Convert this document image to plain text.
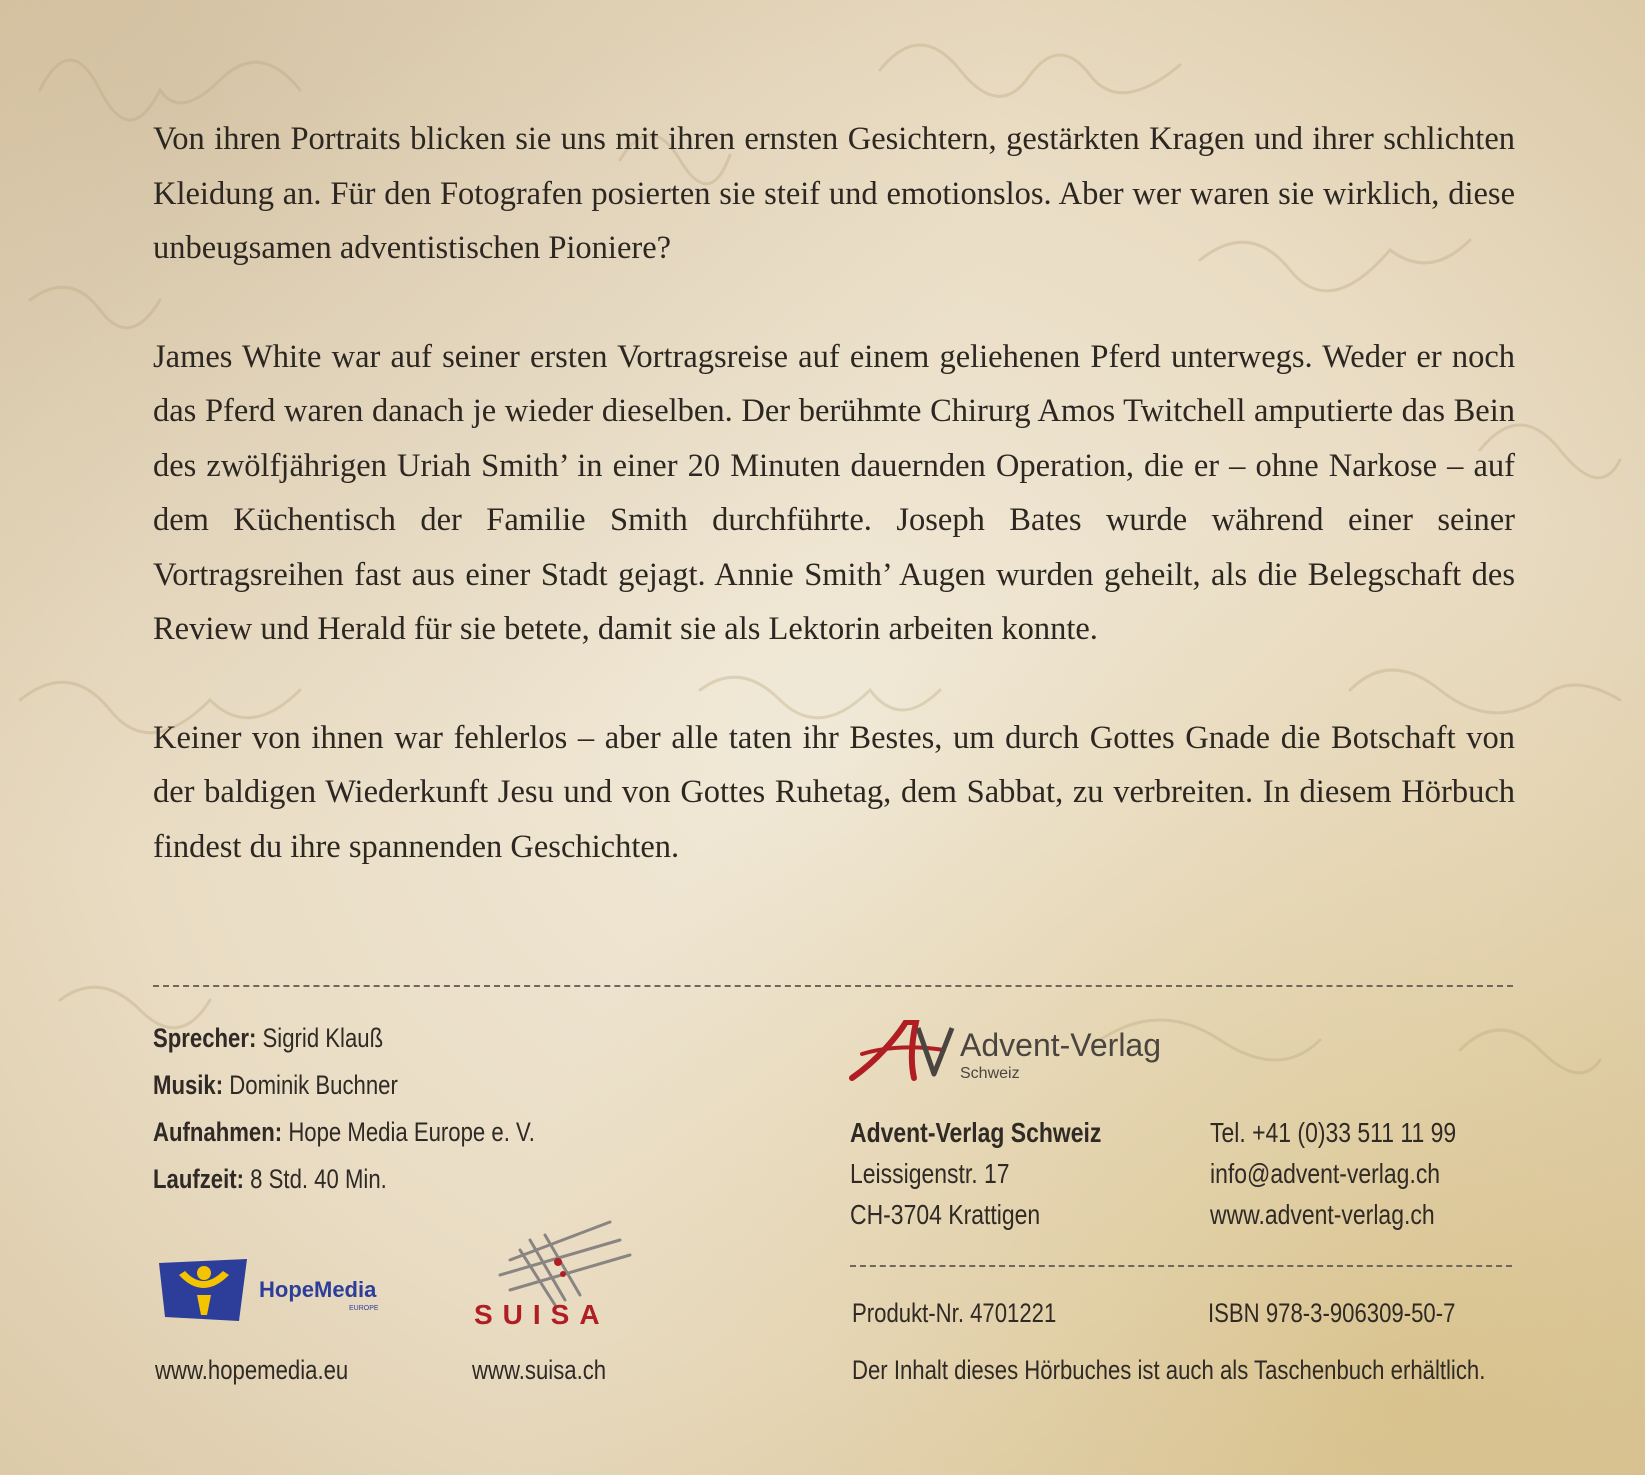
Von ihren Portraits blicken sie uns mit ihren ernsten Gesichtern, gestärkten Kragen und ihrer schlichten Kleidung an. Für den Fotografen posierten sie steif und emotionslos. Aber wer waren sie wirklich, diese unbeugsamen adventistischen Pioniere?

James White war auf seiner ersten Vortragsreise auf einem geliehenen Pferd unterwegs. Weder er noch das Pferd waren danach je wieder dieselben. Der berühmte Chirurg Amos Twitchell amputierte das Bein des zwölfjährigen Uriah Smith’ in einer 20 Minuten dauernden Operation, die er – ohne Narkose – auf dem Küchentisch der Familie Smith durchführte. Joseph Bates wurde während einer seiner Vortragsreihen fast aus einer Stadt gejagt. Annie Smith’ Augen wurden geheilt, als die Belegschaft des Review und Herald für sie betete, damit sie als Lektorin arbeiten konnte.

Keiner von ihnen war fehlerlos – aber alle taten ihr Bestes, um durch Gottes Gnade die Botschaft von der baldigen Wiederkunft Jesu und von Gottes Ruhetag, dem Sabbat, zu verbreiten. In diesem Hörbuch findest du ihre spannenden Geschichten.

Sprecher: Sigrid Klauß
Musik: Dominik Buchner
Aufnahmen: Hope Media Europe e. V.
Laufzeit: 8 Std. 40 Min.
Advent-Verlag
Schweiz
Advent-Verlag Schweiz
Leissigenstr. 17
CH-3704 Krattigen
Tel. +41 (0)33 511 11 99
info@advent-verlag.ch
www.advent-verlag.ch
Produkt-Nr. 4701221	ISBN 978-3-906309-50-7
Der Inhalt dieses Hörbuches ist auch als Taschenbuch erhältlich.
HopeMedia
EUROPE	SUISA
www.hopemedia.eu	www.suisa.ch
